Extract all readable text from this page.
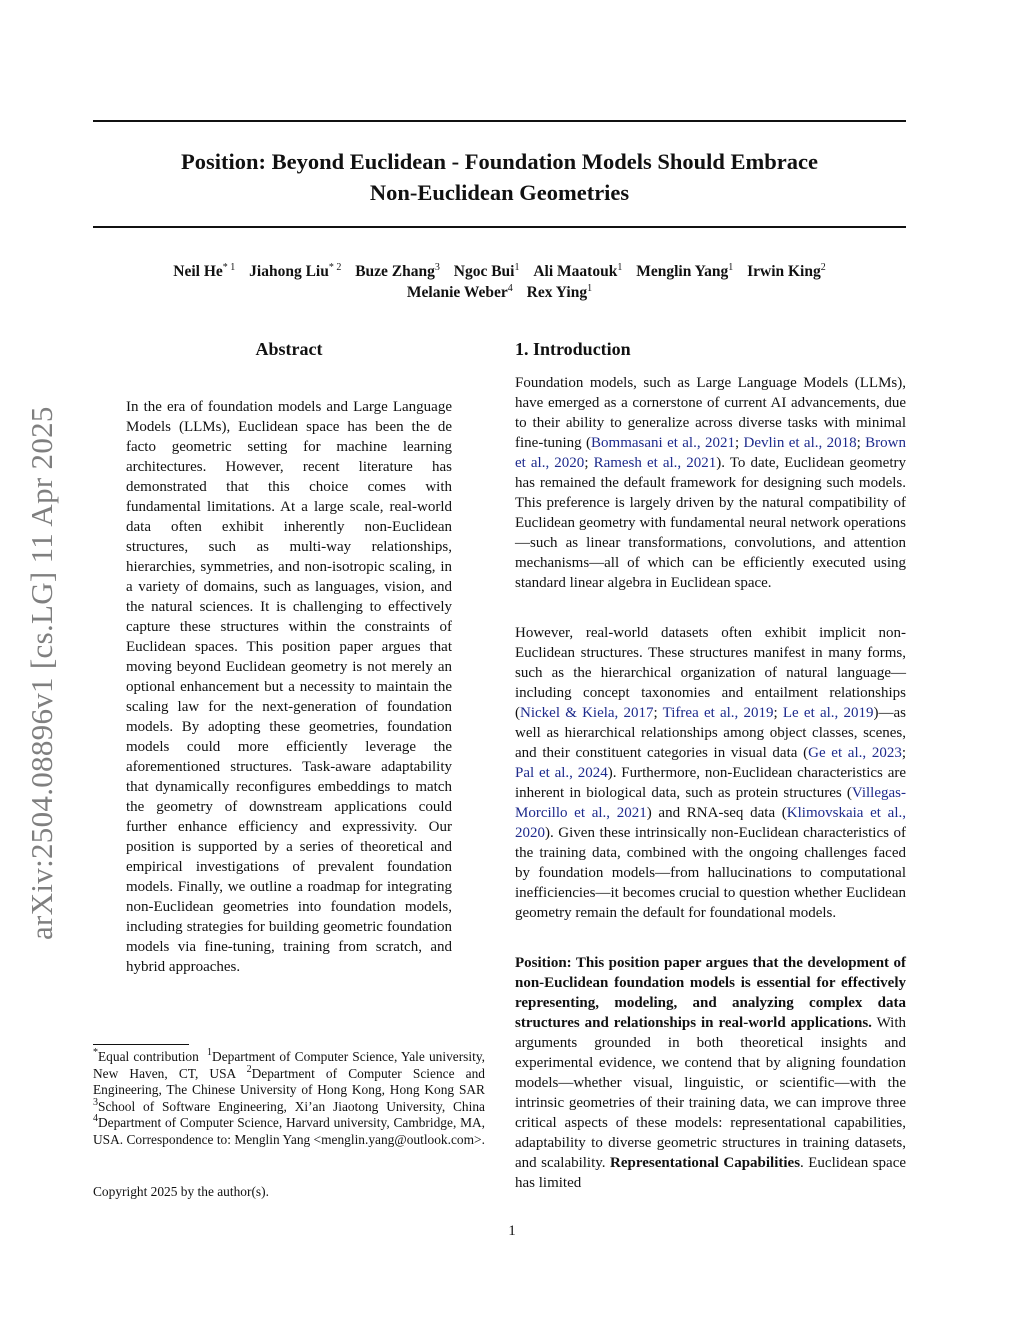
Position: Beyond Euclidean - Foundation Models Should Embrace
Non-Euclidean Geometries
Neil He$^{* 1}$ Jiahong Liu$^{* 2}$ Buze Zhang$^3$ Ngoc Bui$^1$ Ali Maatouk$^1$ Menglin Yang$^1$ Irwin King$^2$
Melanie Weber$^4$ Rex Ying$^1$
arXiv:2504.08896v1 [cs.LG] 11 Apr 2025
Abstract
In the era of foundation models and Large Language Models (LLMs), Euclidean space has been the de facto geometric setting for machine learning architectures. However, recent literature has demonstrated that this choice comes with fundamental limitations. At a large scale, real-world data often exhibit inherently non-Euclidean structures, such as multi-way relationships, hierarchies, symmetries, and non-isotropic scaling, in a variety of domains, such as languages, vision, and the natural sciences. It is challenging to effectively capture these structures within the constraints of Euclidean spaces. This position paper argues that moving beyond Euclidean geometry is not merely an optional enhancement but a necessity to maintain the scaling law for the next-generation of foundation models. By adopting these geometries, foundation models could more efficiently leverage the aforementioned structures. Task-aware adaptability that dynamically reconfigures embeddings to match the geometry of downstream applications could further enhance efficiency and expressivity. Our position is supported by a series of theoretical and empirical investigations of prevalent foundation models. Finally, we outline a roadmap for integrating non-Euclidean geometries into foundation models, including strategies for building geometric foundation models via fine-tuning, training from scratch, and hybrid approaches.
*Equal contribution $^1$Department of Computer Science, Yale university, New Haven, CT, USA $^2$Department of Computer Science and Engineering, The Chinese University of Hong Kong, Hong Kong SAR $^3$School of Software Engineering, Xi’an Jiaotong University, China $^4$Department of Computer Science, Harvard university, Cambridge, MA, USA. Correspondence to: Menglin Yang <menglin.yang@outlook.com>.
Copyright 2025 by the author(s).
1. Introduction
Foundation models, such as Large Language Models (LLMs), have emerged as a cornerstone of current AI advancements, due to their ability to generalize across diverse tasks with minimal fine-tuning (Bommasani et al., 2021; Devlin et al., 2018; Brown et al., 2020; Ramesh et al., 2021). To date, Euclidean geometry has remained the default framework for designing such models. This preference is largely driven by the natural compatibility of Euclidean geometry with fundamental neural network operations—such as linear transformations, convolutions, and attention mechanisms—all of which can be efficiently executed using standard linear algebra in Euclidean space.
However, real-world datasets often exhibit implicit non-Euclidean structures. These structures manifest in many forms, such as the hierarchical organization of natural language—including concept taxonomies and entailment relationships (Nickel & Kiela, 2017; Tifrea et al., 2019; Le et al., 2019)—as well as hierarchical relationships among object classes, scenes, and their constituent categories in visual data (Ge et al., 2023; Pal et al., 2024). Furthermore, non-Euclidean characteristics are inherent in biological data, such as protein structures (Villegas-Morcillo et al., 2021) and RNA-seq data (Klimovskaia et al., 2020). Given these intrinsically non-Euclidean characteristics of the training data, combined with the ongoing challenges faced by foundation models—from hallucinations to computational inefficiencies—it becomes crucial to question whether Euclidean geometry remain the default for foundational models.
Position: This position paper argues that the development of non-Euclidean foundation models is essential for effectively representing, modeling, and analyzing complex data structures and relationships in real-world applications. With arguments grounded in both theoretical insights and experimental evidence, we contend that by aligning foundation models—whether visual, linguistic, or scientific—with the intrinsic geometries of their training data, we can improve three critical aspects of these models: representational capabilities, adaptability to diverse geometric structures in training datasets, and scalability. Representational Capabilities. Euclidean space has limited
1
